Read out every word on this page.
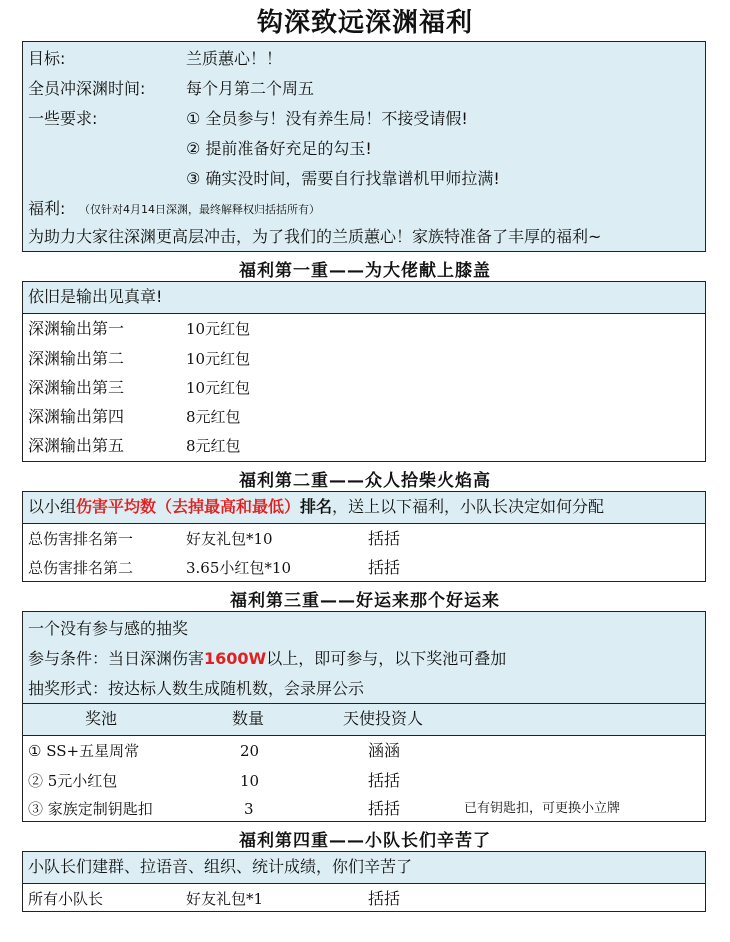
钩深致远深渊福利
目标:	兰质蕙心！！
全员冲深渊时间:	每个月第二个周五
一些要求:	① 全员参与！没有养生局！不接受请假!
② 提前准备好充足的勾玉!
③ 确实没时间，需要自行找靠谱机甲师拉满!
福利: （仅针对4月14日深渊，最终解释权归括括所有）
为助力大家往深渊更高层冲击，为了我们的兰质蕙心！家族特准备了丰厚的福利~
福利第一重——为大佬献上膝盖
依旧是输出见真章!
深渊输出第一	10元红包
深渊输出第二	10元红包
深渊输出第三	10元红包
深渊输出第四	8元红包
深渊输出第五	8元红包
福利第二重——众人拾柴火焰高
以小组伤害平均数（去掉最高和最低）排名，送上以下福利，小队长决定如何分配
总伤害排名第一	好友礼包*10	括括
总伤害排名第二	3.65小红包*10	括括
福利第三重——好运来那个好运来
一个没有参与感的抽奖
参与条件：当日深渊伤害1600W以上，即可参与，以下奖池可叠加
抽奖形式：按达标人数生成随机数，会录屏公示
奖池	数量	天使投资人
① SS+五星周常	20	涵涵
② 5元小红包	10	括括
③ 家族定制钥匙扣	3	括括	已有钥匙扣，可更换小立牌
福利第四重——小队长们辛苦了
小队长们建群、拉语音、组织、统计成绩，你们辛苦了
所有小队长	好友礼包*1	括括
